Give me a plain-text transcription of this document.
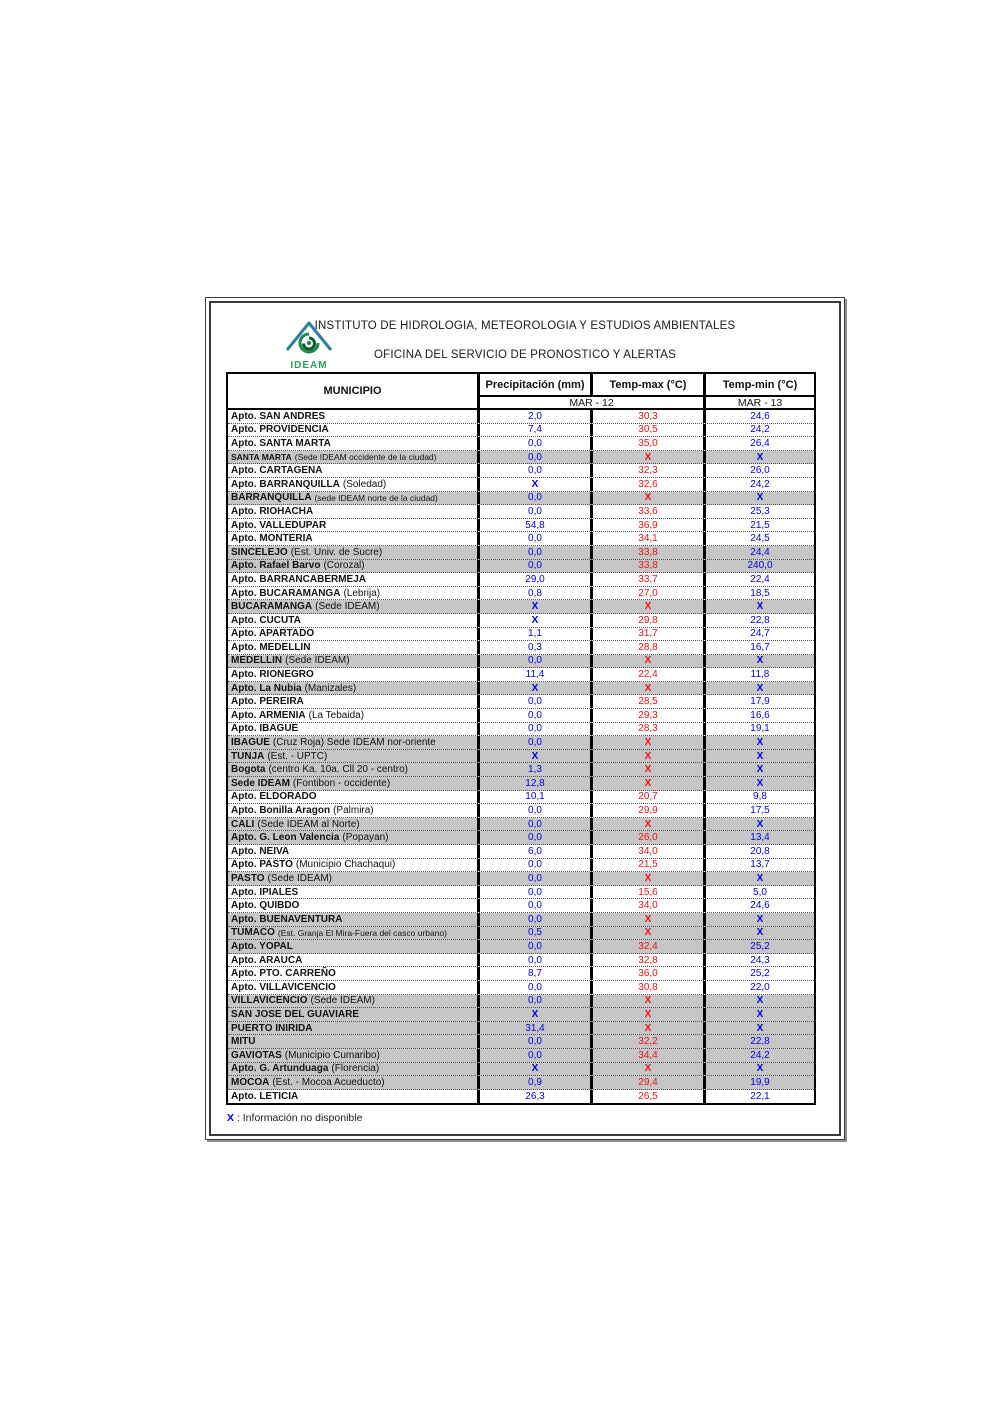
IDEAM
INSTITUTO DE HIDROLOGIA, METEOROLOGIA Y ESTUDIOS AMBIENTALES
OFICINA DEL SERVICIO DE PRONOSTICO Y ALERTAS
MUNICIPIO
Precipitación (mm)	Temp-max (°C)	Temp-min (°C)
MAR - 12	MAR - 13
Apto. SAN ANDRES	2,0	30,3	24,6
Apto. PROVIDENCIA	7,4	30,5	24,2
Apto. SANTA MARTA	0,0	35,0	26,4
SANTA MARTA (Sede IDEAM occidente de la ciudad)	0,0	X	X
Apto. CARTAGENA	0,0	32,3	26,0
Apto. BARRANQUILLA (Soledad)	X	32,6	24,2
BARRANQUILLA (sede IDEAM norte de la ciudad)	0,0	X	X
Apto. RIOHACHA	0,0	33,6	25,3
Apto. VALLEDUPAR	54,8	36,9	21,5
Apto. MONTERIA	0,0	34,1	24,5
SINCELEJO (Est. Univ. de Sucre)	0,0	33,8	24,4
Apto. Rafael Barvo (Corozal)	0,0	33,8	240,0
Apto. BARRANCABERMEJA	29,0	33,7	22,4
Apto. BUCARAMANGA (Lebrija)	0,8	27,0	18,5
BUCARAMANGA (Sede IDEAM)	X	X	X
Apto. CUCUTA	X	29,8	22,8
Apto. APARTADO	1,1	31,7	24,7
Apto. MEDELLIN	0,3	28,8	16,7
MEDELLIN (Sede IDEAM)	0,0	X	X
Apto. RIONEGRO	11,4	22,4	11,8
Apto. La Nubia (Manizales)	X	X	X
Apto. PEREIRA	0,0	28,5	17,9
Apto. ARMENIA (La Tebaida)	0,0	29,3	16,6
Apto. IBAGUE	0,0	28,3	19,1
IBAGUE (Cruz Roja) Sede IDEAM nor-oriente	0,0	X	X
TUNJA (Est. - UPTC)	X	X	X
Bogota (centro Ka. 10a. Cll 20 - centro)	1,3	X	X
Sede IDEAM (Fontibon - occidente)	12,8	X	X
Apto. ELDORADO	10,1	20,7	9,8
Apto. Bonilla Aragon (Palmira)	0,0	29,9	17,5
CALI (Sede IDEAM al Norte)	0,0	X	X
Apto. G. Leon Valencia (Popayan)	0,0	26,0	13,4
Apto. NEIVA	6,0	34,0	20,8
Apto. PASTO (Municipio Chachaqui)	0,0	21,5	13,7
PASTO (Sede IDEAM)	0,0	X	X
Apto. IPIALES	0,0	15,6	5,0
Apto. QUIBDO	0,0	34,0	24,6
Apto. BUENAVENTURA	0,0	X	X
TUMACO (Est. Granja El Mira-Fuera del casco urbano)	0,5	X	X
Apto. YOPAL	0,0	32,4	25,2
Apto. ARAUCA	0,0	32,8	24,3
Apto. PTO. CARREÑO	8,7	36,0	25,2
Apto. VILLAVICENCIO	0,0	30,8	22,0
VILLAVICENCIO (Sede IDEAM)	0,0	X	X
SAN JOSE DEL GUAVIARE	X	X	X
PUERTO INIRIDA	31,4	X	X
MITU	0,0	32,2	22,8
GAVIOTAS (Municipio Cumaribo)	0,0	34,4	24,2
Apto. G. Artunduaga (Florencia)	X	X	X
MOCOA (Est. - Mocoa Acueducto)	0,9	29,4	19,9
Apto. LETICIA	26,3	26,5	22,1
X : Información no disponible
